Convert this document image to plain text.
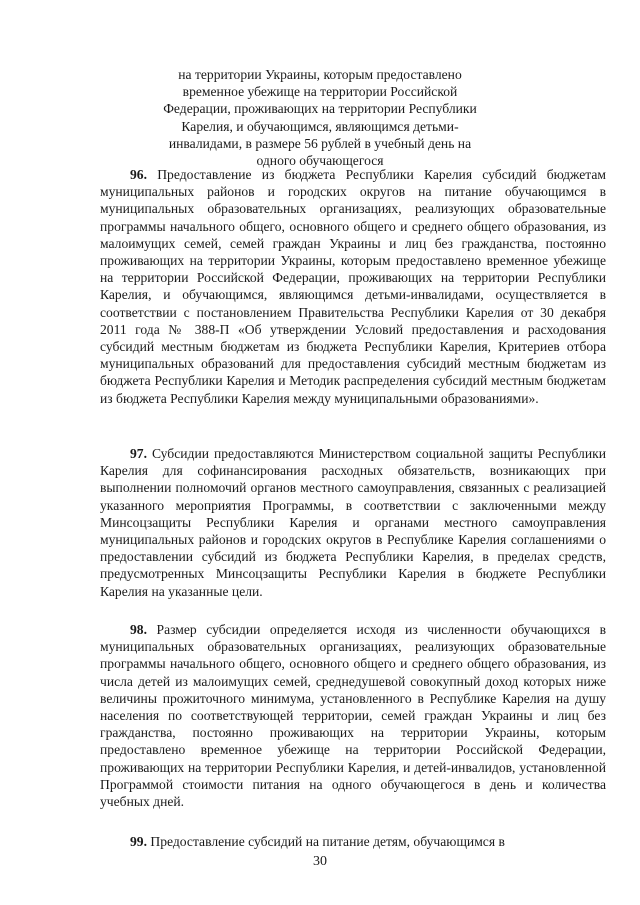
на территории Украины, которым предоставлено временное убежище на территории Российской Федерации, проживающих на территории Республики Карелия, и обучающимся, являющимся детьми-инвалидами, в размере 56 рублей в учебный день на одного обучающегося
96. Предоставление из бюджета Республики Карелия субсидий бюджетам муниципальных районов и городских округов на питание обучающимся в муниципальных образовательных организациях, реализующих образовательные программы начального общего, основного общего и среднего общего образования, из малоимущих семей, семей граждан Украины и лиц без гражданства, постоянно проживающих на территории Украины, которым предоставлено временное убежище на территории Российской Федерации, проживающих на территории Республики Карелия, и обучающимся, являющимся детьми-инвалидами, осуществляется в соответствии с постановлением Правительства Республики Карелия от 30 декабря 2011 года № 388-П «Об утверждении Условий предоставления и расходования субсидий местным бюджетам из бюджета Республики Карелия, Критериев отбора муниципальных образований для предоставления субсидий местным бюджетам из бюджета Республики Карелия и Методик распределения субсидий местным бюджетам из бюджета Республики Карелия между муниципальными образованиями».
97. Субсидии предоставляются Министерством социальной защиты Республики Карелия для софинансирования расходных обязательств, возникающих при выполнении полномочий органов местного самоуправления, связанных с реализацией указанного мероприятия Программы, в соответствии с заключенными между Минсоцзащиты Республики Карелия и органами местного самоуправления муниципальных районов и городских округов в Республике Карелия соглашениями о предоставлении субсидий из бюджета Республики Карелия, в пределах средств, предусмотренных Минсоцзащиты Республики Карелия в бюджете Республики Карелия на указанные цели.
98. Размер субсидии определяется исходя из численности обучающихся в муниципальных образовательных организациях, реализующих образовательные программы начального общего, основного общего и среднего общего образования, из числа детей из малоимущих семей, среднедушевой совокупный доход которых ниже величины прожиточного минимума, установленного в Республике Карелия на душу населения по соответствующей территории, семей граждан Украины и лиц без гражданства, постоянно проживающих на территории Украины, которым предоставлено временное убежище на территории Российской Федерации, проживающих на территории Республики Карелия, и детей-инвалидов, установленной Программой стоимости питания на одного обучающегося в день и количества учебных дней.
99. Предоставление субсидий на питание детям, обучающимся в
30
